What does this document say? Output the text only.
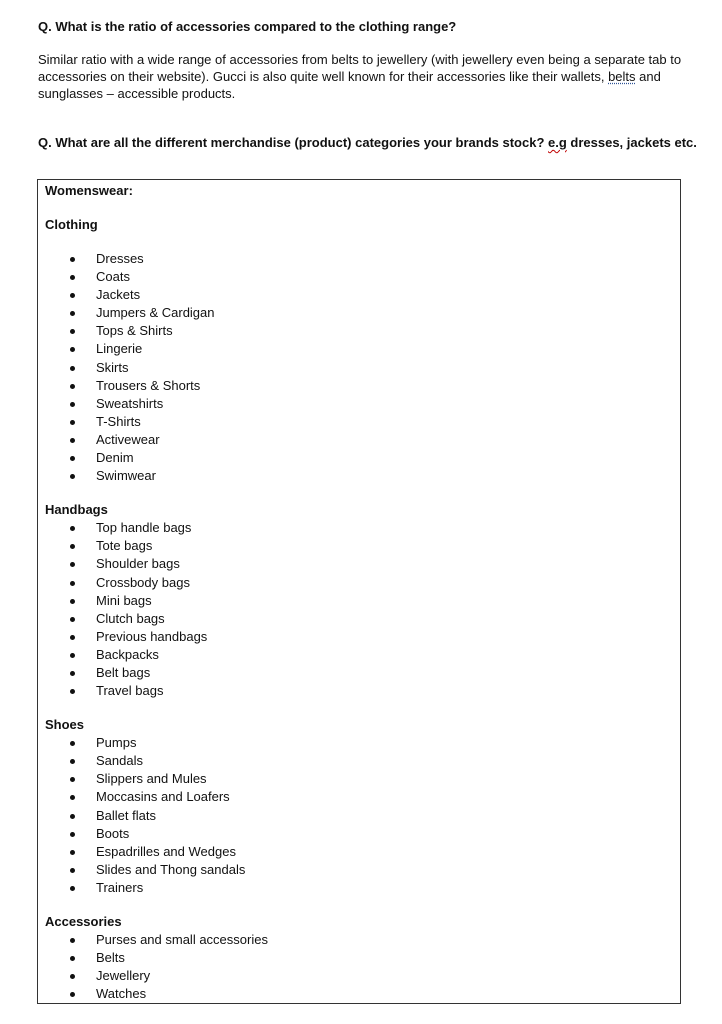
Q. What is the ratio of accessories compared to the clothing range?
Similar ratio with a wide range of accessories from belts to jewellery (with jewellery even being a separate tab to accessories on their website). Gucci is also quite well known for their accessories like their wallets, belts and sunglasses – accessible products.
Q. What are all the different merchandise (product) categories your brands stock? e.g dresses, jackets etc.
Womenswear:
Clothing
Dresses
Coats
Jackets
Jumpers & Cardigan
Tops & Shirts
Lingerie
Skirts
Trousers & Shorts
Sweatshirts
T-Shirts
Activewear
Denim
Swimwear
Handbags
Top handle bags
Tote bags
Shoulder bags
Crossbody bags
Mini bags
Clutch bags
Previous handbags
Backpacks
Belt bags
Travel bags
Shoes
Pumps
Sandals
Slippers and Mules
Moccasins and Loafers
Ballet flats
Boots
Espadrilles and Wedges
Slides and Thong sandals
Trainers
Accessories
Purses and small accessories
Belts
Jewellery
Watches
